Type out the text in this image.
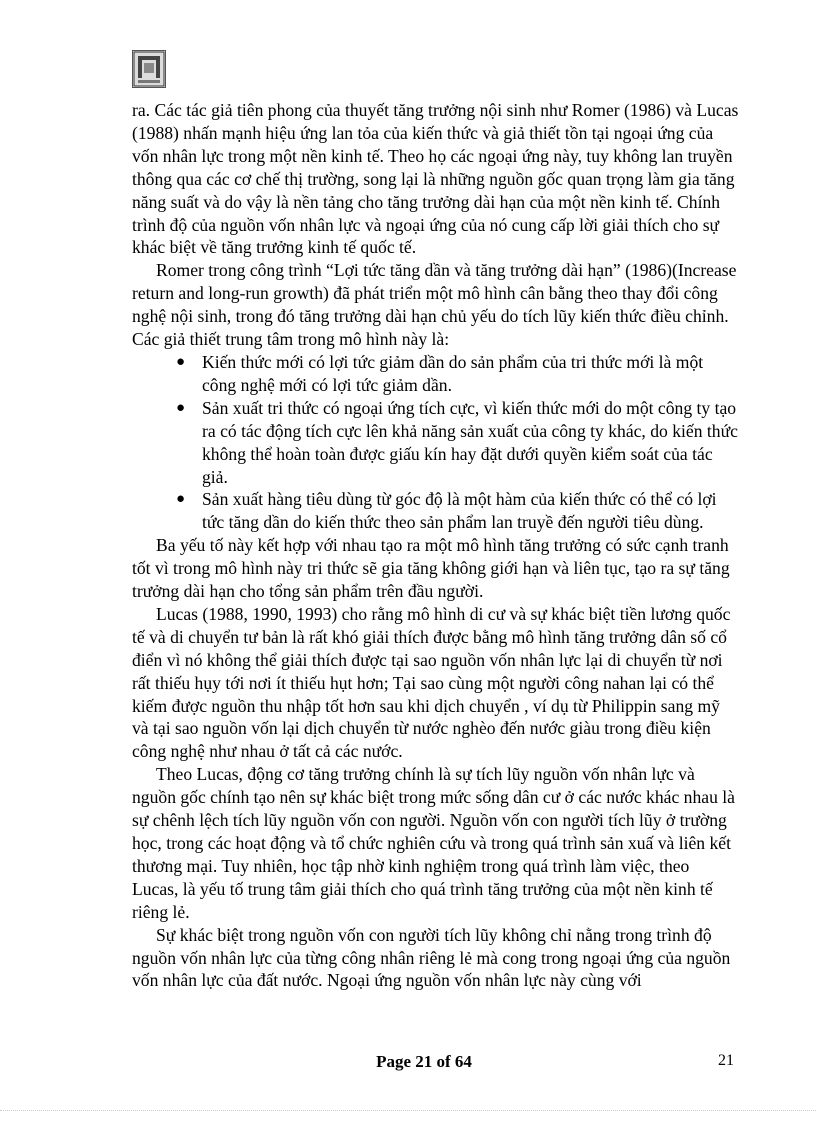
ra. Các tác giả tiên phong của thuyết tăng trưởng nội sinh như Romer (1986) và Lucas (1988) nhấn mạnh hiệu ứng lan tỏa của kiến thức và giả thiết tồn tại ngoại ứng của vốn nhân lực trong một nền kinh tế. Theo họ các ngoại ứng này, tuy không lan truyền thông qua các cơ chế thị trường, song lại là những nguồn gốc quan trọng làm gia tăng năng suất và do vậy là nền tảng cho tăng trưởng dài hạn của một nền kinh tế. Chính trình độ của nguồn vốn nhân lực và ngoại ứng của nó cung cấp lời giải thích cho sự khác biệt về tăng trưởng kinh tế quốc tế.

Romer trong công trình “Lợi tức tăng dần và tăng trưởng dài hạn” (1986)(Increase return and long-run growth) đã phát triển một mô hình cân bằng theo thay đổi công nghệ nội sinh, trong đó tăng trưởng dài hạn chủ yếu do tích lũy kiến thức điều chỉnh. Các giả thiết trung tâm trong mô hình này là:

● Kiến thức mới có lợi tức giảm dần do sản phẩm của tri thức mới là một công nghệ mới có lợi tức giảm dần.
● Sản xuất tri thức có ngoại ứng tích cực, vì kiến thức mới do một công ty tạo ra có tác động tích cực lên khả năng sản xuất của công ty khác, do kiến thức không thể hoàn toàn được giấu kín hay đặt dưới quyền kiểm soát của tác giả.
● Sản xuất hàng tiêu dùng từ góc độ là một hàm của kiến thức có thể có lợi tức tăng dần do kiến thức theo sản phẩm lan truyề đến người tiêu dùng.

Ba yếu tố này kết hợp với nhau tạo ra một mô hình tăng trưởng có sức cạnh tranh tốt vì trong mô hình này tri thức sẽ gia tăng không giới hạn và liên tục, tạo ra sự tăng trưởng dài hạn cho tổng sản phẩm trên đầu người.

Lucas (1988, 1990, 1993) cho rằng mô hình di cư và sự khác biệt tiền lương quốc tế và di chuyển tư bản là rất khó giải thích được bằng mô hình tăng trưởng dân số cổ điển vì nó không thể giải thích được tại sao nguồn vốn nhân lực lại di chuyển từ nơi rất thiếu hụy tới nơi ít thiếu hụt hơn; Tại sao cùng một người công nahan lại có thể kiếm được nguồn thu nhập tốt hơn sau khi dịch chuyển , ví dụ từ Philippin sang mỹ và tại sao nguồn vốn lại dịch chuyển từ nước nghèo đến nước giàu trong điều kiện công nghệ như nhau ở tất cả các nước.

Theo Lucas, động cơ tăng trưởng chính là sự tích lũy nguồn vốn nhân lực và nguồn gốc chính tạo nên sự khác biệt trong mức sống dân cư ở các nước khác nhau là sự chênh lệch tích lũy nguồn vốn con người. Nguồn vốn con người tích lũy ở trường học, trong các hoạt động và tổ chức nghiên cứu và trong quá trình sản xuấ và liên kết thương mại. Tuy nhiên, học tập nhờ kinh nghiệm trong quá trình làm việc, theo Lucas, là yếu tố trung tâm giải thích cho quá trình tăng trưởng của một nền kinh tế riêng lẻ.

Sự khác biệt trong nguồn vốn con người tích lũy không chỉ nằng trong trình độ nguồn vốn nhân lực của từng công nhân riêng lẻ mà cong trong ngoại ứng của nguồn vốn nhân lực của đất nước. Ngoại ứng nguồn vốn nhân lực này cùng với

Page 21 of 64	21
